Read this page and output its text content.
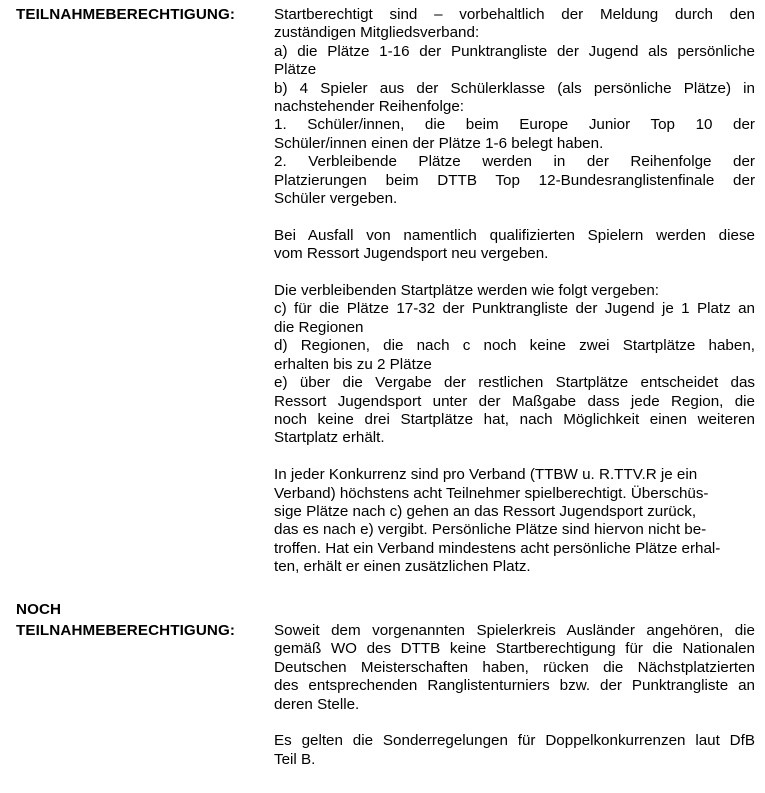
TEILNAHMEBERECHTIGUNG:	Startberechtigt sind – vorbehaltlich der Meldung durch den
zuständigen Mitgliedsverband:
a) die Plätze 1-16 der Punktrangliste der Jugend als persönliche
Plätze
b) 4 Spieler aus der Schülerklasse (als persönliche Plätze) in
nachstehender Reihenfolge:
1. Schüler/innen, die beim Europe Junior Top 10 der
Schüler/innen einen der Plätze 1-6 belegt haben.
2. Verbleibende Plätze werden in der Reihenfolge der
Platzierungen beim DTTB Top 12-Bundesranglistenfinale der
Schüler vergeben.
Bei Ausfall von namentlich qualifizierten Spielern werden diese
vom Ressort Jugendsport neu vergeben.
Die verbleibenden Startplätze werden wie folgt vergeben:
c) für die Plätze 17-32 der Punktrangliste der Jugend je 1 Platz an
die Regionen
d) Regionen, die nach c noch keine zwei Startplätze haben,
erhalten bis zu 2 Plätze
e) über die Vergabe der restlichen Startplätze entscheidet das
Ressort Jugendsport unter der Maßgabe dass jede Region, die
noch keine drei Startplätze hat, nach Möglichkeit einen weiteren
Startplatz erhält.
In jeder Konkurrenz sind pro Verband (TTBW u. R.TTV.R je ein
Verband) höchstens acht Teilnehmer spielberechtigt. Überschüs-
sige Plätze nach c) gehen an das Ressort Jugendsport zurück,
das es nach e) vergibt. Persönliche Plätze sind hiervon nicht be-
troffen. Hat ein Verband mindestens acht persönliche Plätze erhal-
ten, erhält er einen zusätzlichen Platz.
NOCH
TEILNAHMEBERECHTIGUNG:	Soweit dem vorgenannten Spielerkreis Ausländer angehören, die
gemäß WO des DTTB keine Startberechtigung für die Nationalen
Deutschen Meisterschaften haben, rücken die Nächstplatzierten
des entsprechenden Ranglistenturniers bzw. der Punktrangliste an
deren Stelle.
Es gelten die Sonderregelungen für Doppelkonkurrenzen laut DfB
Teil B.
